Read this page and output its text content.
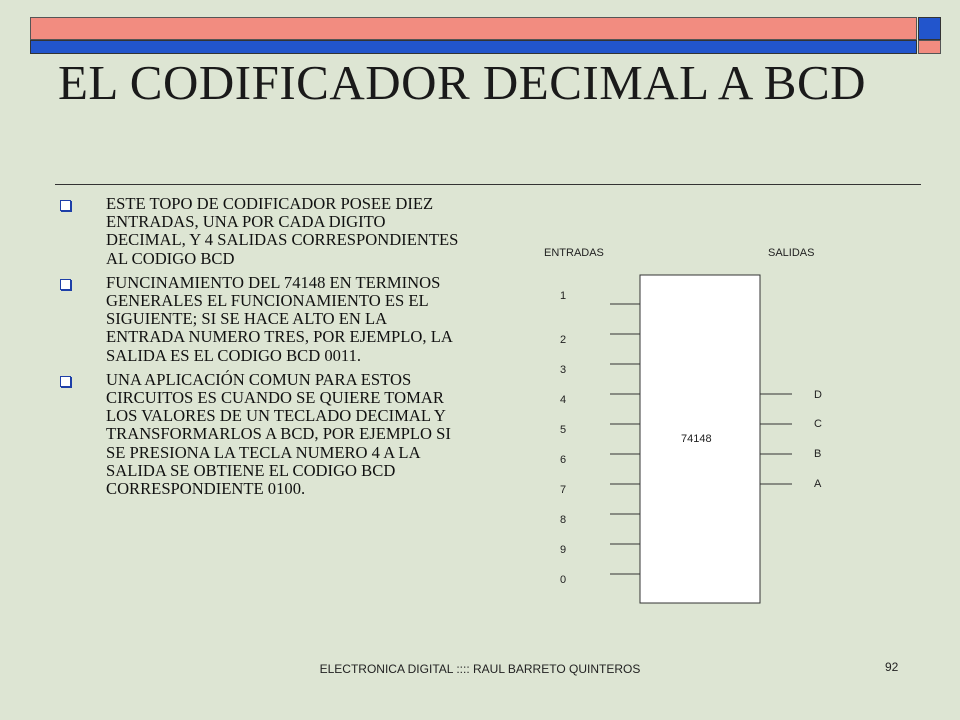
EL CODIFICADOR DECIMAL A BCD
ESTE TOPO DE CODIFICADOR POSEE DIEZ ENTRADAS, UNA POR CADA DIGITO DECIMAL, Y 4 SALIDAS CORRESPONDIENTES AL CODIGO BCD
FUNCINAMIENTO DEL 74148 EN TERMINOS GENERALES EL FUNCIONAMIENTO ES EL SIGUIENTE; SI SE HACE ALTO EN LA ENTRADA NUMERO TRES, POR EJEMPLO, LA SALIDA ES EL CODIGO BCD 0011.
UNA APLICACIÓN COMUN PARA ESTOS CIRCUITOS ES CUANDO SE QUIERE TOMAR LOS VALORES DE UN TECLADO DECIMAL Y TRANSFORMARLOS A BCD, POR EJEMPLO SI SE PRESIONA LA TECLA NUMERO 4 A LA SALIDA SE OBTIENE EL CODIGO BCD CORRESPONDIENTE 0100.
ENTRADAS	SALIDAS
74148
1
2
3
4
5
6
7
8
9
0
D
C
B
A
ELECTRONICA DIGITAL :::: RAUL BARRETO QUINTEROS	92
